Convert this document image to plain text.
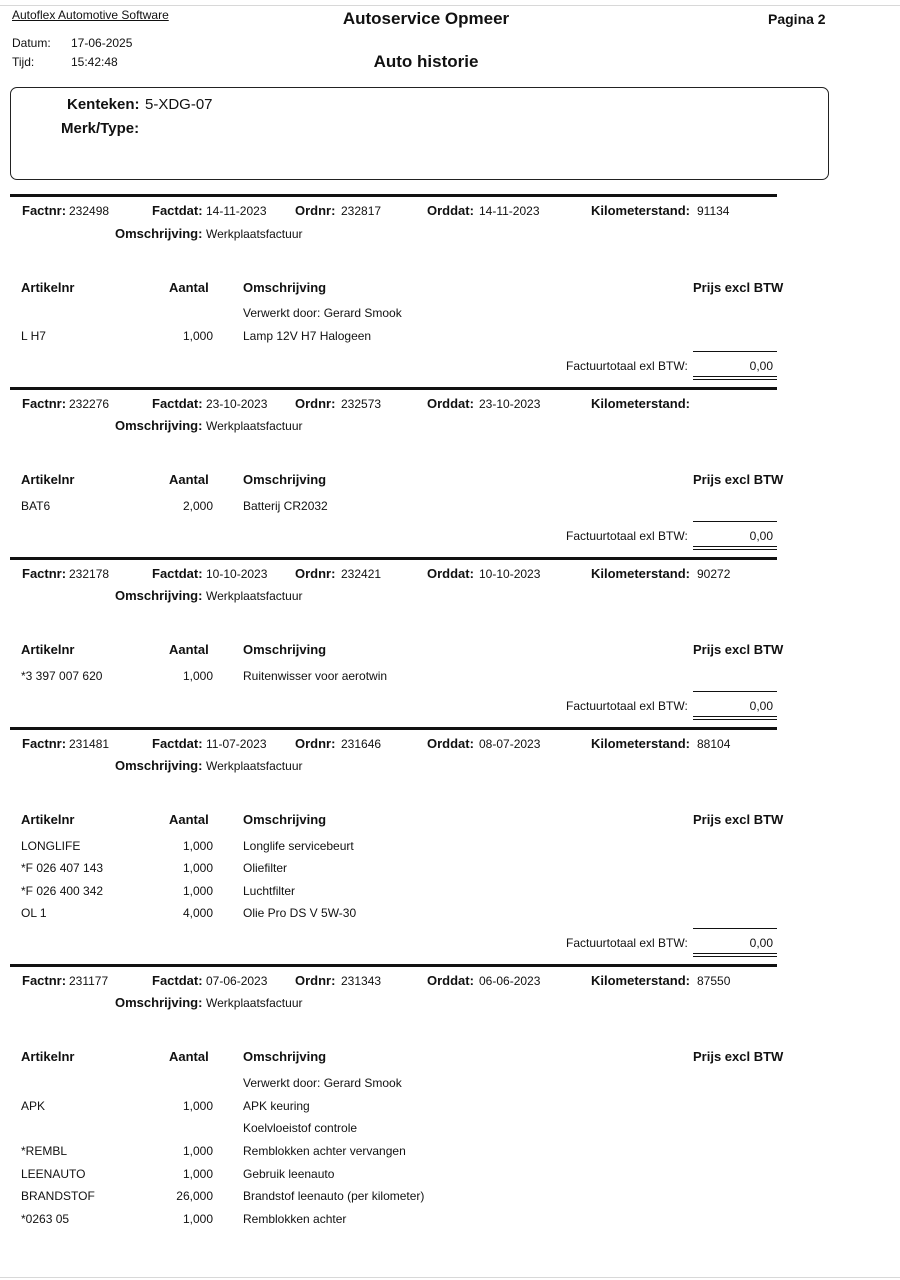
Autoflex Automotive Software	Autoservice Opmeer	Pagina 2
Datum: 17-06-2025
Tijd:	15:42:48	Auto historie
Kenteken: 5-XDG-07
Merk/Type:
Factnr: 232498	Factdat: 14-11-2023 Ordnr: 232817	Orddat: 14-11-2023	Kilometerstand: 91134
Omschrijving: Werkplaatsfactuur
Artikelnr	Aantal	Omschrijving	Prijs excl BTW
Verwerkt door: Gerard Smook
L H7	1,000	Lamp 12V H7 Halogeen
Factuurtotaal exl BTW:	0,00
Factnr: 232276	Factdat: 23-10-2023 Ordnr: 232573	Orddat: 23-10-2023	Kilometerstand:
Omschrijving: Werkplaatsfactuur
Artikelnr	Aantal	Omschrijving	Prijs excl BTW
BAT6	2,000	Batterij CR2032
Factuurtotaal exl BTW:	0,00
Factnr: 232178	Factdat: 10-10-2023 Ordnr: 232421	Orddat: 10-10-2023	Kilometerstand: 90272
Omschrijving: Werkplaatsfactuur
Artikelnr	Aantal	Omschrijving	Prijs excl BTW
*3 397 007 620	1,000	Ruitenwisser voor aerotwin
Factuurtotaal exl BTW:	0,00
Factnr: 231481	Factdat: 11-07-2023 Ordnr: 231646	Orddat: 08-07-2023	Kilometerstand: 88104
Omschrijving: Werkplaatsfactuur
Artikelnr	Aantal	Omschrijving	Prijs excl BTW
LONGLIFE	1,000	Longlife servicebeurt
*F 026 407 143	1,000	Oliefilter
*F 026 400 342	1,000	Luchtfilter
OL 1	4,000	Olie Pro DS V 5W-30
Factuurtotaal exl BTW:	0,00
Factnr: 231177	Factdat: 07-06-2023 Ordnr: 231343	Orddat: 06-06-2023	Kilometerstand: 87550
Omschrijving: Werkplaatsfactuur
Artikelnr	Aantal	Omschrijving	Prijs excl BTW
Verwerkt door: Gerard Smook
APK	1,000	APK keuring
Koelvloeistof controle
*REMBL	1,000	Remblokken achter vervangen
LEENAUTO	1,000	Gebruik leenauto
BRANDSTOF	26,000	Brandstof leenauto (per kilometer)
*0263 05	1,000	Remblokken achter
